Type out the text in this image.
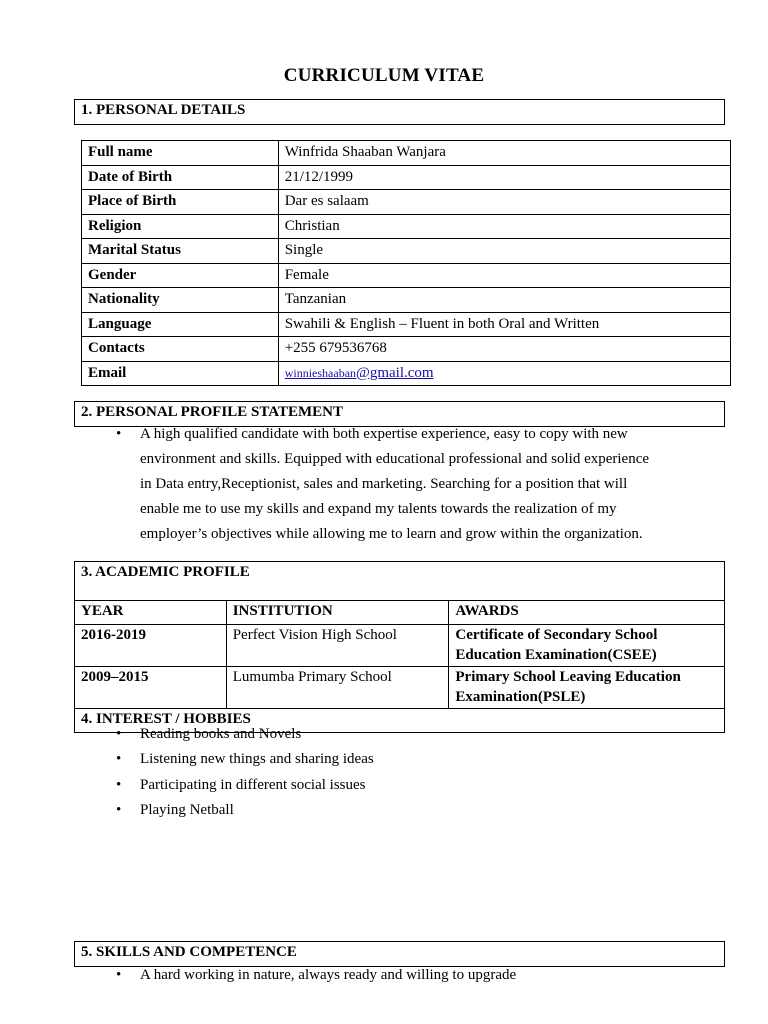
CURRICULUM VITAE
1. PERSONAL DETAILS
Full name	Winfrida Shaaban Wanjara
Date of Birth	21/12/1999
Place of Birth	Dar es salaam
Religion	Christian
Marital Status	Single
Gender	Female
Nationality	Tanzanian
Language	Swahili & English – Fluent in both Oral and Written
Contacts	+255 679536768
Email	winnieshaaban@gmail.com
2. PERSONAL PROFILE STATEMENT
• A high qualified candidate with both expertise experience, easy to copy with new
environment and skills. Equipped with educational professional and solid experience
in Data entry,Receptionist, sales and marketing. Searching for a position that will
enable me to use my skills and expand my talents towards the realization of my
employer’s objectives while allowing me to learn and grow within the organization.
3. ACADEMIC PROFILE		
YEAR	INSTITUTION	AWARDS
2016-2019	Perfect Vision High School	Certificate of Secondary School
Education Examination(CSEE)

2009–2015	Lumumba Primary School	Primary School Leaving Education
Examination(PSLE)

4. INTEREST / HOBBIES		
• Reading books and Novels
• Listening new things and sharing ideas
• Participating in different social issues
• Playing Netball
5. SKILLS AND COMPETENCE
• A hard working in nature, always ready and willing to upgrade
